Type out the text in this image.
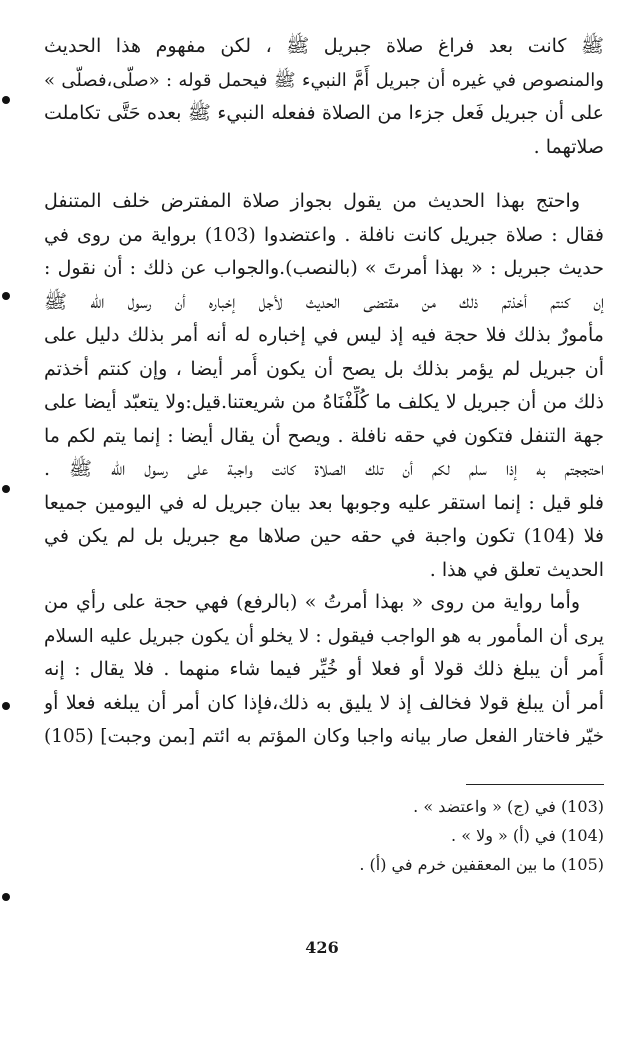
ﷺ كانت بعد فراغ صلاة جبريل ﷺ ، لكن مفهوم هذا الحديث
والمنصوص في غيره أن جبريل أَمَّ النبيء ﷺ فيحمل قوله : «صلّى،فصلّى »
على أن جبريل فَعل جزءا من الصلاة ففعله النبيء ﷺ بعده حَتَّى تكاملت
صلاتهما .
واحتج بهذا الحديث من يقول بجواز صلاة المفترض خلف المتنفل
فقال : صلاة جبريل كانت نافلة . واعتضدوا (103) برواية من روى في
حديث جبريل : « بهذا أمرتَ » (بالنصب).والجواب عن ذلك : أن نقول :
إن كنتم أخذتم ذلك من مقتضى الحديث لأجل إخباره أن رسول الله ﷺ
مأمورٌ بذلك فلا حجة فيه إذ ليس في إخباره له أنه أمر بذلك دليل على
أن جبريل لم يؤمر بذلك بل يصح أن يكون أُمر أيضا ، وإن كنتم أخذتم
ذلك من أن جبريل لا يكلف ما كُلِّفْنَاهُ من شريعتنا.قيل:ولا يتعبّد أيضا على
جهة التنفل فتكون في حقه نافلة . ويصح أن يقال أيضا : إنما يتم لكم ما
احتججتم به إذا سلم لكم أن تلك الصلاة كانت واجبة على رسول الله ﷺ .
فلو قيل : إنما استقر عليه وجوبها بعد بيان جبريل له في اليومين جميعا
فلا (104) تكون واجبة في حقه حين صلاها مع جبريل بل لم يكن في
الحديث تعلق في هذا .
وأما رواية من روى « بهذا أمرتُ » (بالرفع) فهي حجة على رأي من
يرى أن المأمور به هو الواجب فيقول : لا يخلو أن يكون جبريل عليه السلام
أُمر أن يبلغ ذلك قولا أو فعلا أو خُيِّر فيما شاء منهما . فلا يقال : إنه
أمر أن يبلغ قولا فخالف إذ لا يليق به ذلك،فإذا كان أمر أن يبلغه فعلا أو
خيّر فاختار الفعل صار بيانه واجبا وكان المؤتم به ائتم [بمن وجبت] (105)
(103) في (ج) « واعتضد » .
(104) في (أ) « ولا » .
(105) ما بين المعقفين خرم في (أ) .
426
